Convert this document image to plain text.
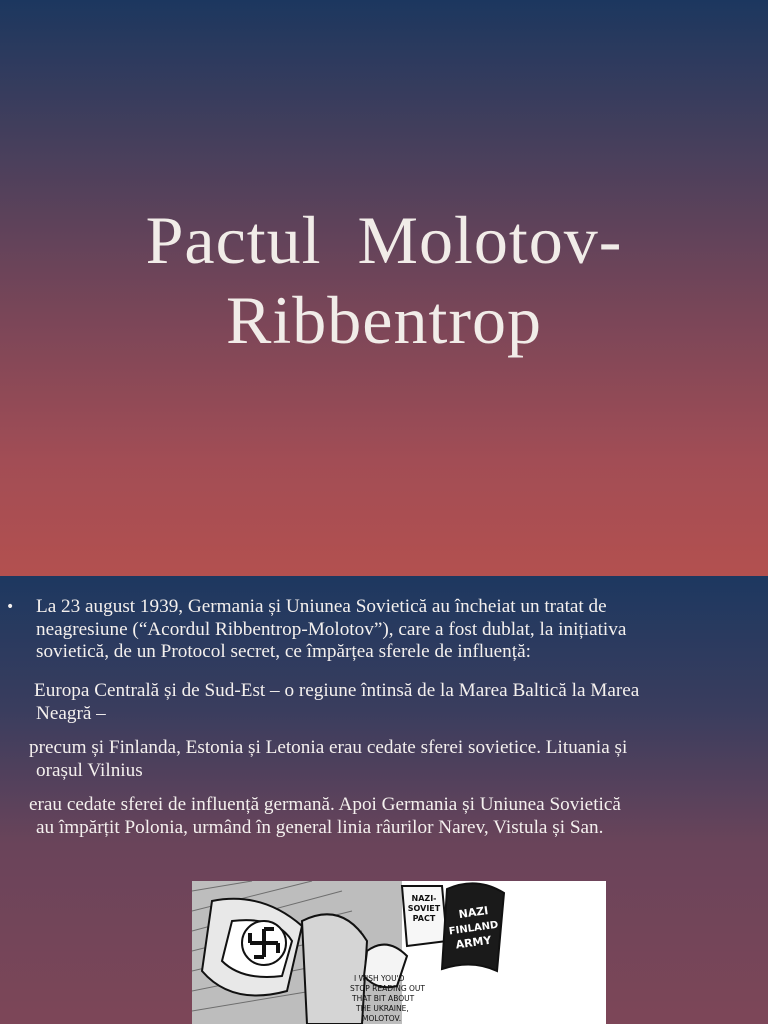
Pactul  Molotov-
Ribbentrop
•	La 23 august 1939, Germania și Uniunea Sovietică au încheiat un tratat de
neagresiune (“Acordul Ribbentrop-Molotov”), care a fost dublat, la inițiativa
sovietică, de un Protocol secret, ce împărțea sferele de influență:
Europa Centrală și de Sud-Est – o regiune întinsă de la Marea Baltică la Marea
Neagră –
precum și Finlanda, Estonia și Letonia erau cedate sferei sovietice. Lituania și
orașul Vilnius
erau cedate sferei de influență germană. Apoi Germania și Uniunea Sovietică
au împărțit Polonia, urmând în general linia râurilor Narev, Vistula și San.
NAZI-
SOVIET
PACT NAZI
FINLAND
ARMY
I WISH YOU'D
STOP READING OUT
THAT BIT ABOUT
THE UKRAINE,
MOLOTOV.
